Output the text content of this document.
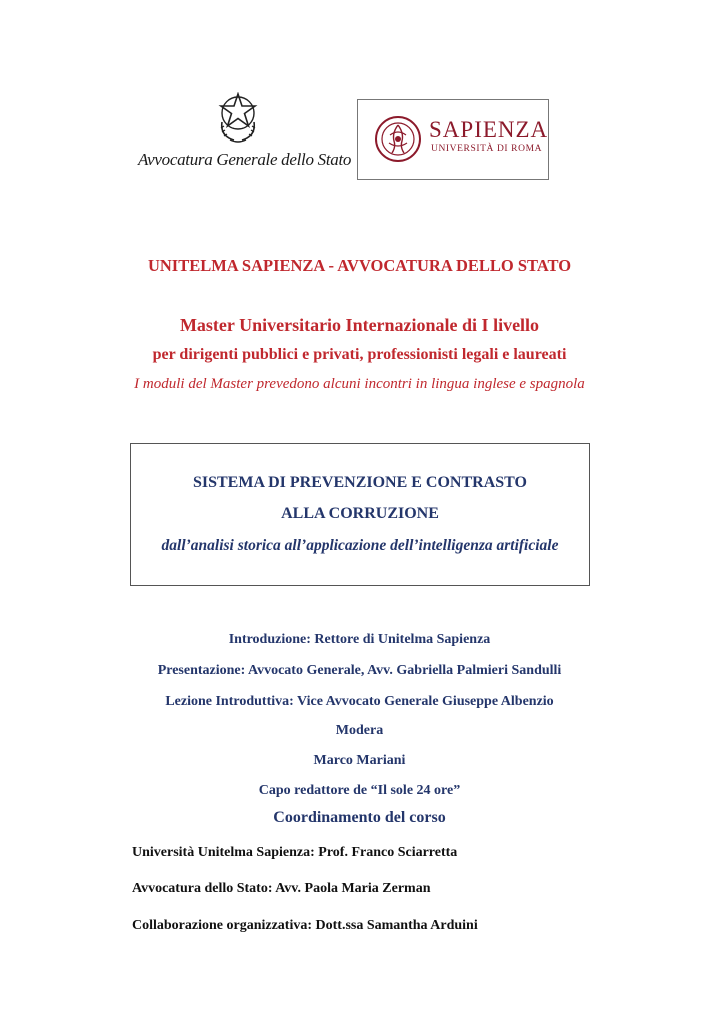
Avvocatura Generale dello Stato
SAPIENZA
UNIVERSITÀ DI ROMA
UNITELMA SAPIENZA - AVVOCATURA DELLO STATO
Master Universitario Internazionale di I livello
per dirigenti pubblici e privati, professionisti legali e laureati
I moduli del Master prevedono alcuni incontri in lingua inglese e spagnola
SISTEMA DI PREVENZIONE E CONTRASTO
ALLA CORRUZIONE
dall’analisi storica all’applicazione dell’intelligenza artificiale
Introduzione: Rettore di Unitelma Sapienza
Presentazione: Avvocato Generale, Avv. Gabriella Palmieri Sandulli
Lezione Introduttiva: Vice Avvocato Generale Giuseppe Albenzio
Modera
Marco Mariani
Capo redattore de “Il sole 24 ore”
Coordinamento del corso
Università Unitelma Sapienza: Prof. Franco Sciarretta
Avvocatura dello Stato: Avv. Paola Maria Zerman
Collaborazione organizzativa: Dott.ssa Samantha Arduini
